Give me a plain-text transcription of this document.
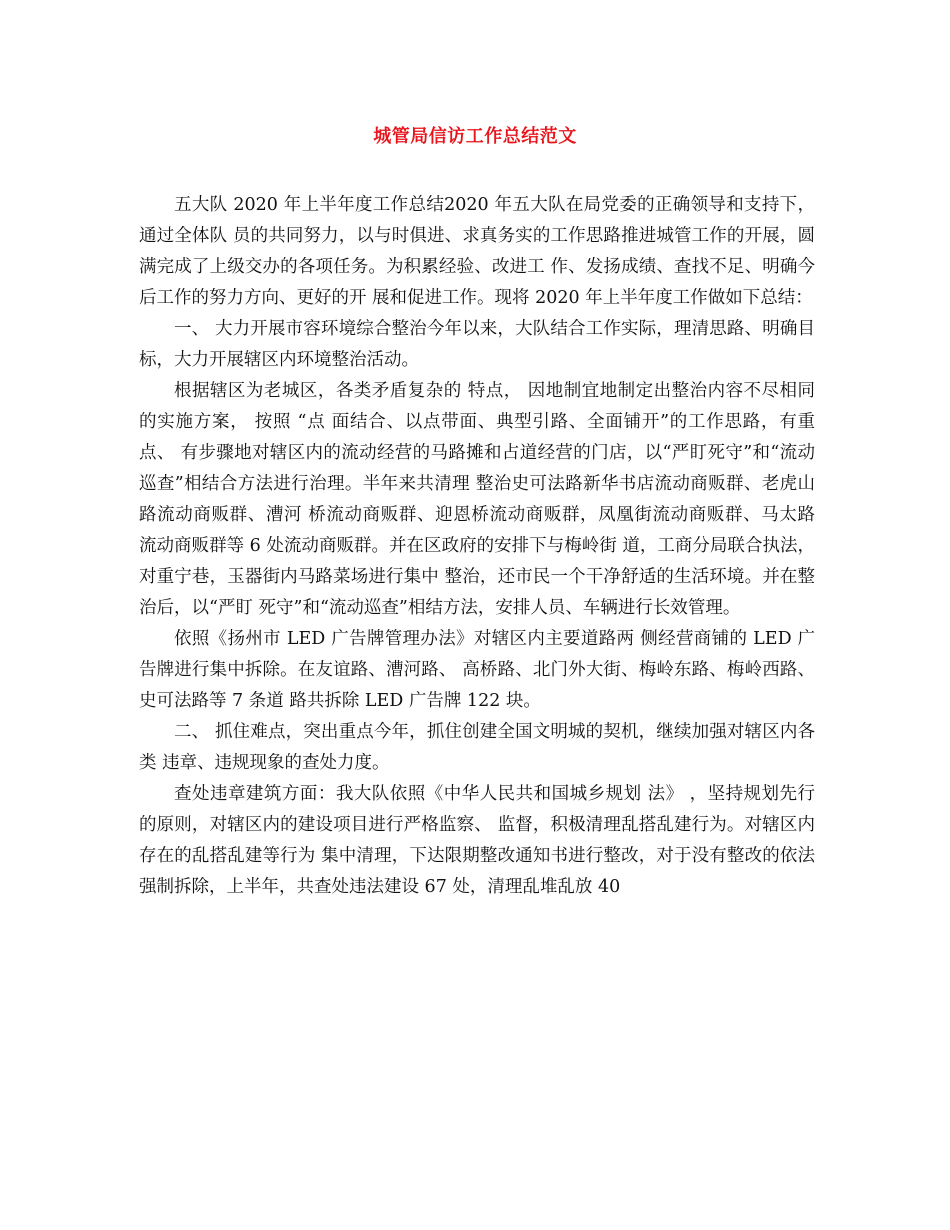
城管局信访工作总结范文

五大队 2020 年上半年度工作总结2020 年五大队在局党委的正确领导和支持下，通过全体队 员的共同努力，以与时俱进、求真务实的工作思路推进城管工作的开展，圆满完成了上级交办的各项任务。为积累经验、改进工 作、发扬成绩、查找不足、明确今后工作的努力方向、更好的开 展和促进工作。现将 2020 年上半年度工作做如下总结：

一、 大力开展市容环境综合整治今年以来，大队结合工作实际，理清思路、明确目标，大力开展辖区内环境整治活动。

根据辖区为老城区，各类矛盾复杂的 特点， 因地制宜地制定出整治内容不尽相同的实施方案， 按照 “点 面结合、以点带面、典型引路、全面铺开”的工作思路，有重点、 有步骤地对辖区内的流动经营的马路摊和占道经营的门店，以“严盯死守”和“流动巡查”相结合方法进行治理。半年来共清理 整治史可法路新华书店流动商贩群、老虎山路流动商贩群、漕河 桥流动商贩群、迎恩桥流动商贩群，凤凰街流动商贩群、马太路 流动商贩群等 6 处流动商贩群。并在区政府的安排下与梅岭街 道，工商分局联合执法，对重宁巷，玉器街内马路菜场进行集中 整治，还市民一个干净舒适的生活环境。并在整治后，以“严盯 死守”和“流动巡查”相结方法，安排人员、车辆进行长效管理。

依照《扬州市 LED 广告牌管理办法》对辖区内主要道路两 侧经营商铺的 LED 广告牌进行集中拆除。在友谊路、漕河路、 高桥路、北门外大街、梅岭东路、梅岭西路、史可法路等 7 条道 路共拆除 LED 广告牌 122 块。

二、 抓住难点，突出重点今年，抓住创建全国文明城的契机，继续加强对辖区内各类 违章、违规现象的查处力度。

查处违章建筑方面：我大队依照《中华人民共和国城乡规划 法》 ，坚持规划先行的原则，对辖区内的建设项目进行严格监察、 监督，积极清理乱搭乱建行为。对辖区内存在的乱搭乱建等行为 集中清理，下达限期整改通知书进行整改，对于没有整改的依法 强制拆除，上半年，共查处违法建设 67 处，清理乱堆乱放 40
